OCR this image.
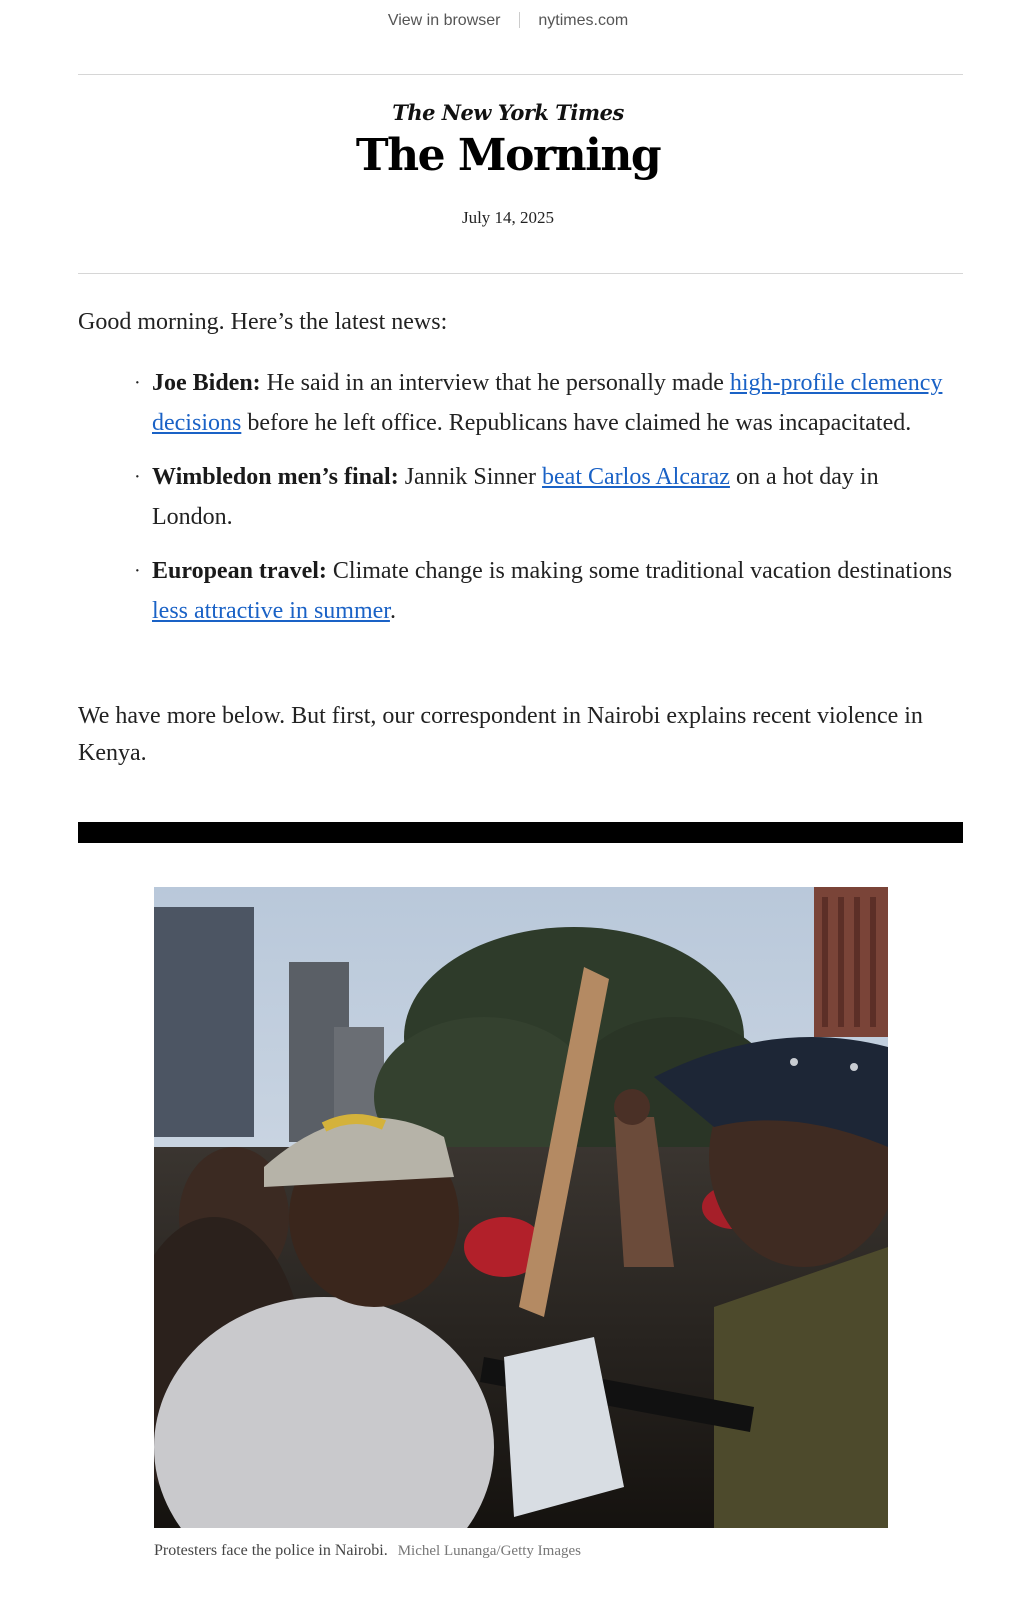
View in browser nytimes.com
The New York Times
The Morning
July 14, 2025
Good morning. Here’s the latest news:
· Joe Biden: He said in an interview that he personally made high-profile clemency decisions before he left office. Republicans have claimed he was incapacitated.
· Wimbledon men’s final: Jannik Sinner beat Carlos Alcaraz on a hot day in London.
· European travel: Climate change is making some traditional vacation destinations less attractive in summer.
We have more below. But first, our correspondent in Nairobi explains recent violence in Kenya.
Protesters face the police in Nairobi. Michel Lunanga/Getty Images
